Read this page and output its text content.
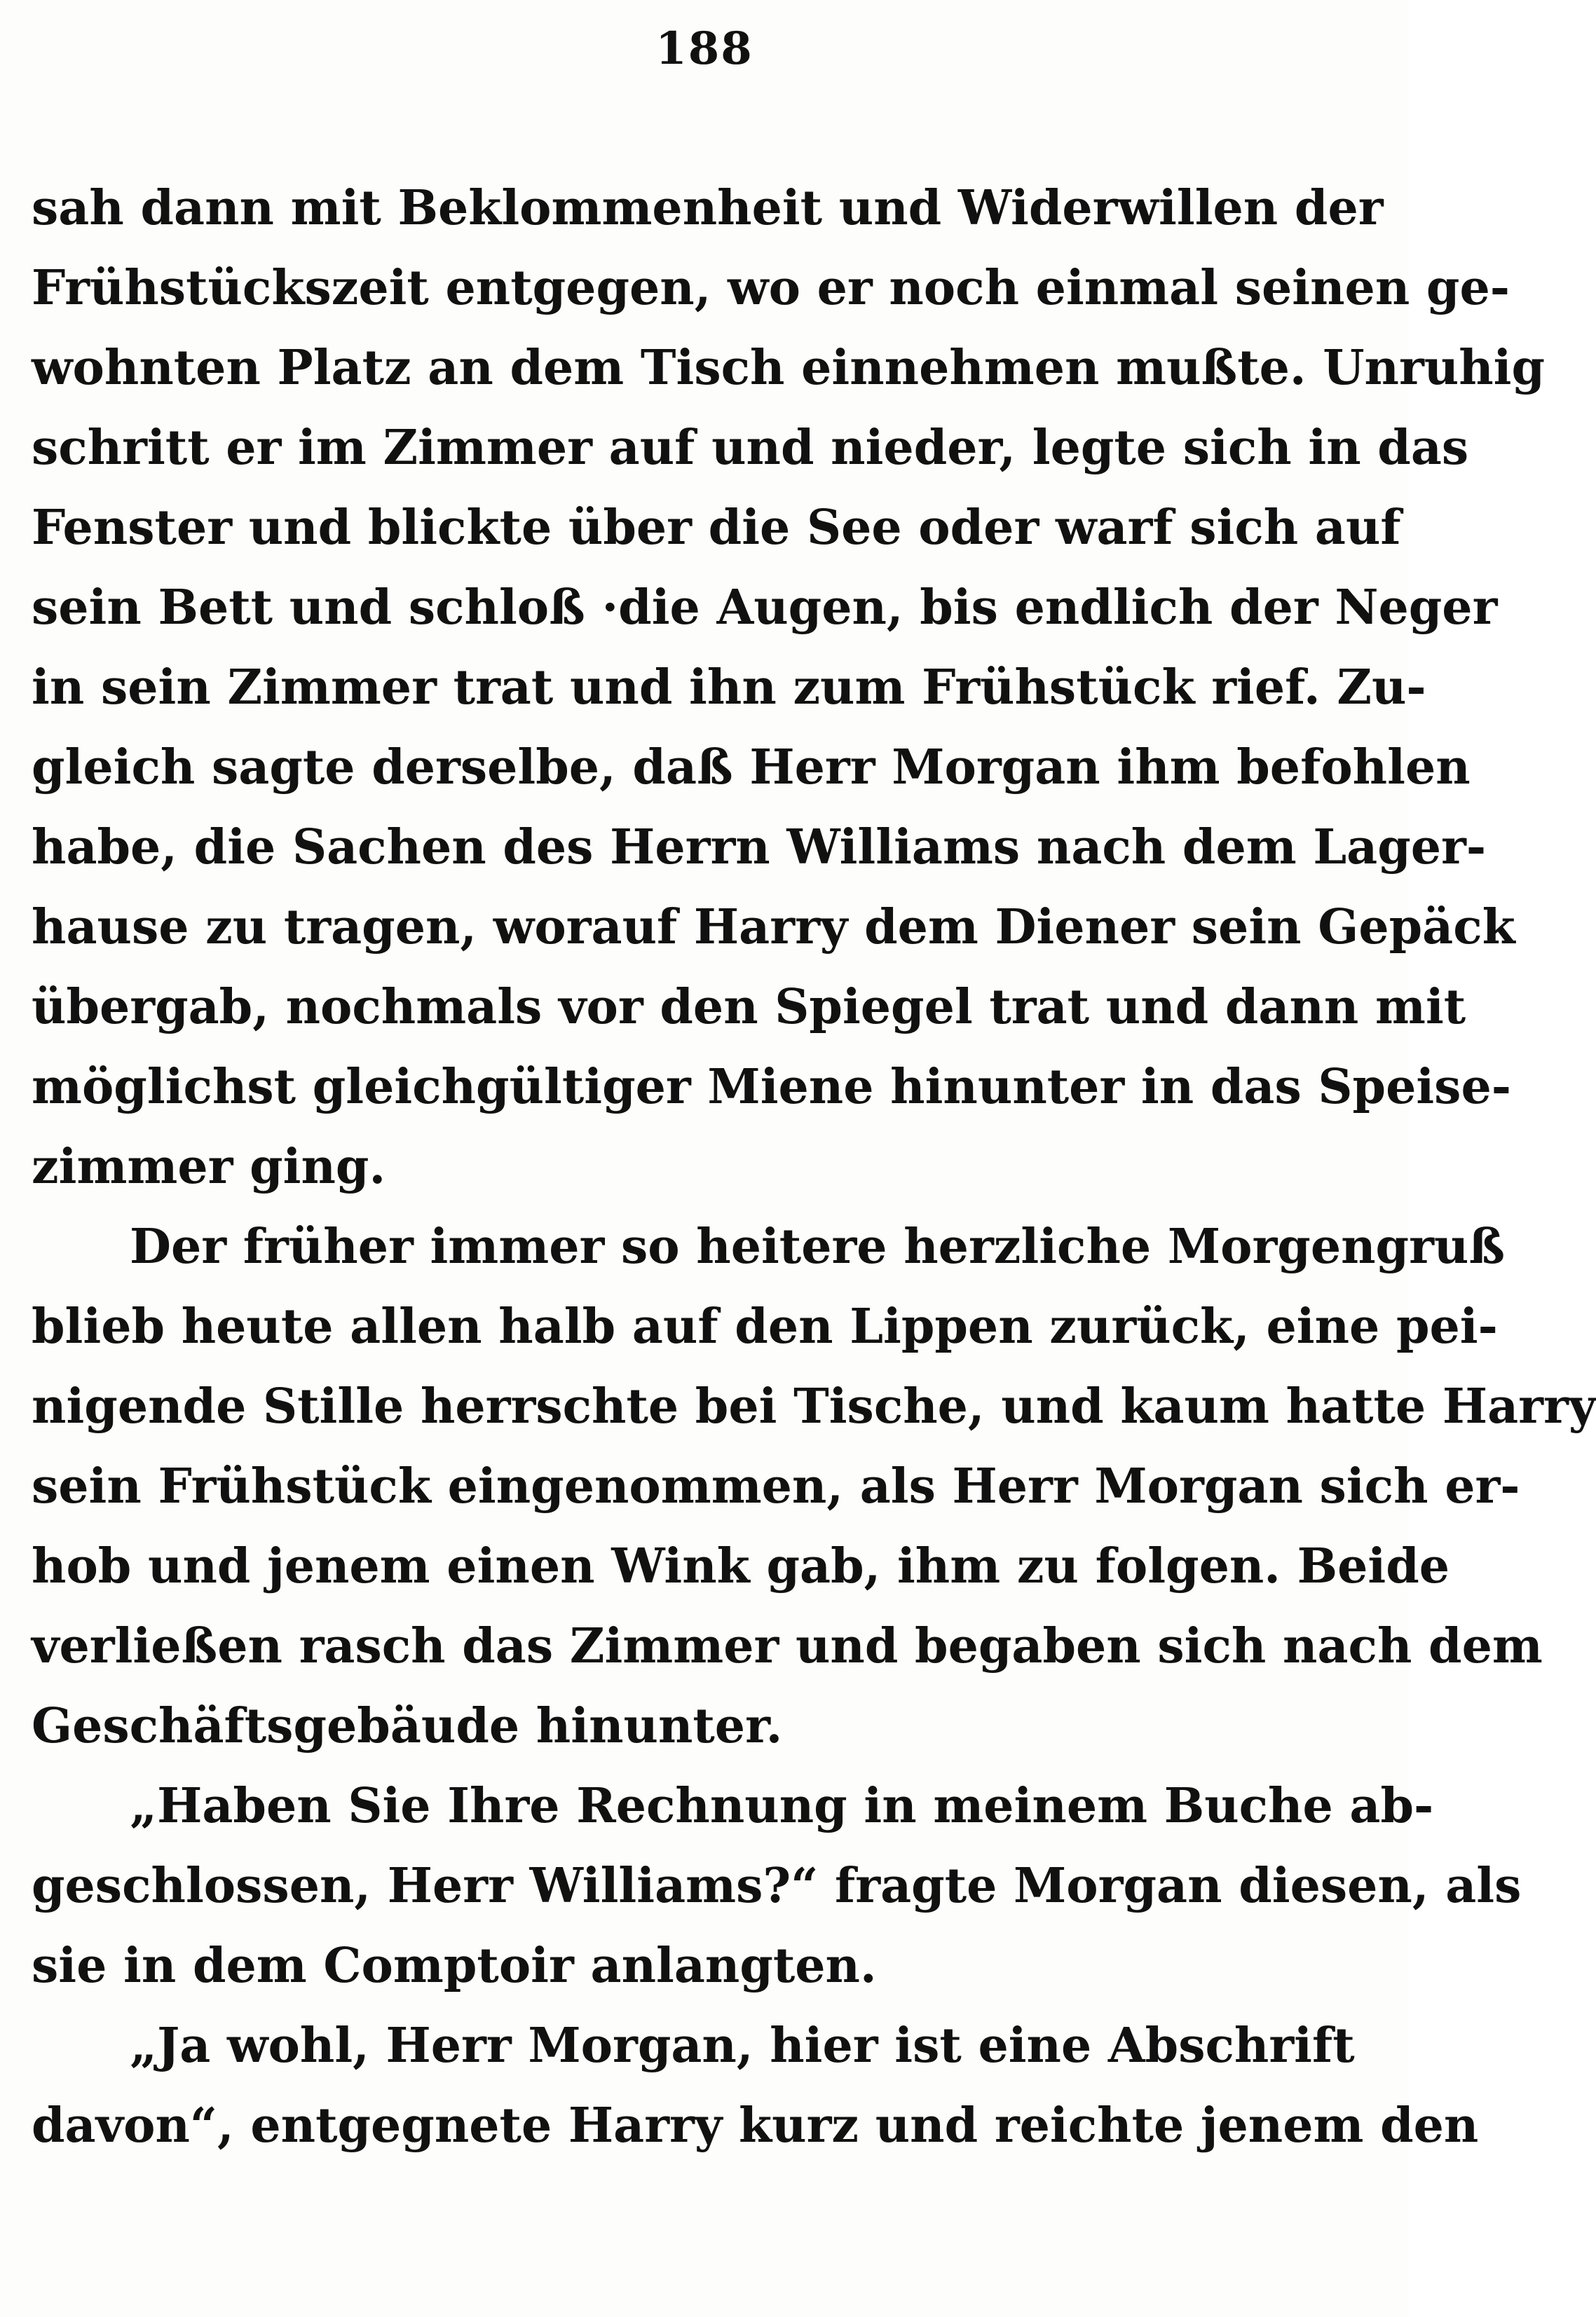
188
sah dann mit Beklommenheit und Widerwillen der
Frühstückszeit entgegen, wo er noch einmal seinen ge-
wohnten Platz an dem Tisch einnehmen mußte. Unruhig
schritt er im Zimmer auf und nieder, legte sich in das
Fenster und blickte über die See oder warf sich auf
sein Bett und schloß ·die Augen, bis endlich der Neger
in sein Zimmer trat und ihn zum Frühstück rief. Zu-
gleich sagte derselbe, daß Herr Morgan ihm befohlen
habe, die Sachen des Herrn Williams nach dem Lager-
hause zu tragen, worauf Harry dem Diener sein Gepäck
übergab, nochmals vor den Spiegel trat und dann mit
möglichst gleichgültiger Miene hinunter in das Speise-
zimmer ging.
Der früher immer so heitere herzliche Morgengruß
blieb heute allen halb auf den Lippen zurück, eine pei-
nigende Stille herrschte bei Tische, und kaum hatte Harry
sein Frühstück eingenommen, als Herr Morgan sich er-
hob und jenem einen Wink gab, ihm zu folgen. Beide
verließen rasch das Zimmer und begaben sich nach dem
Geschäftsgebäude hinunter.
„Haben Sie Ihre Rechnung in meinem Buche ab-
geschlossen, Herr Williams?“ fragte Morgan diesen, als
sie in dem Comptoir anlangten.
„Ja wohl, Herr Morgan, hier ist eine Abschrift
davon“, entgegnete Harry kurz und reichte jenem den
